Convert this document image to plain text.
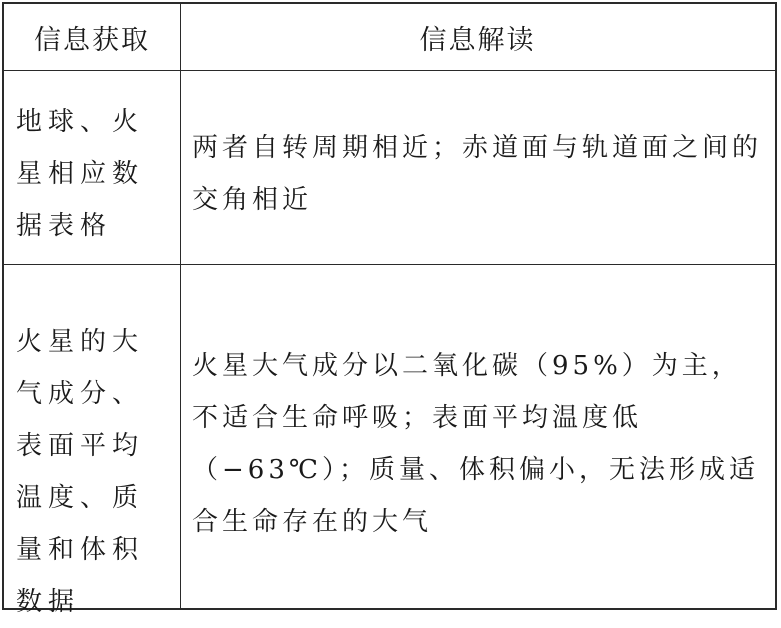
信息获取	信息解读

地球、火星相应数据表格

两者自转周期相近；赤道面与轨道面之间的交角相近

火星的大气成分、表面平均温度、质量和体积数据

火星大气成分以二氧化碳（95%）为主，不适合生命呼吸；表面平均温度低（−63℃）；质量、体积偏小，无法形成适合生命存在的大气
